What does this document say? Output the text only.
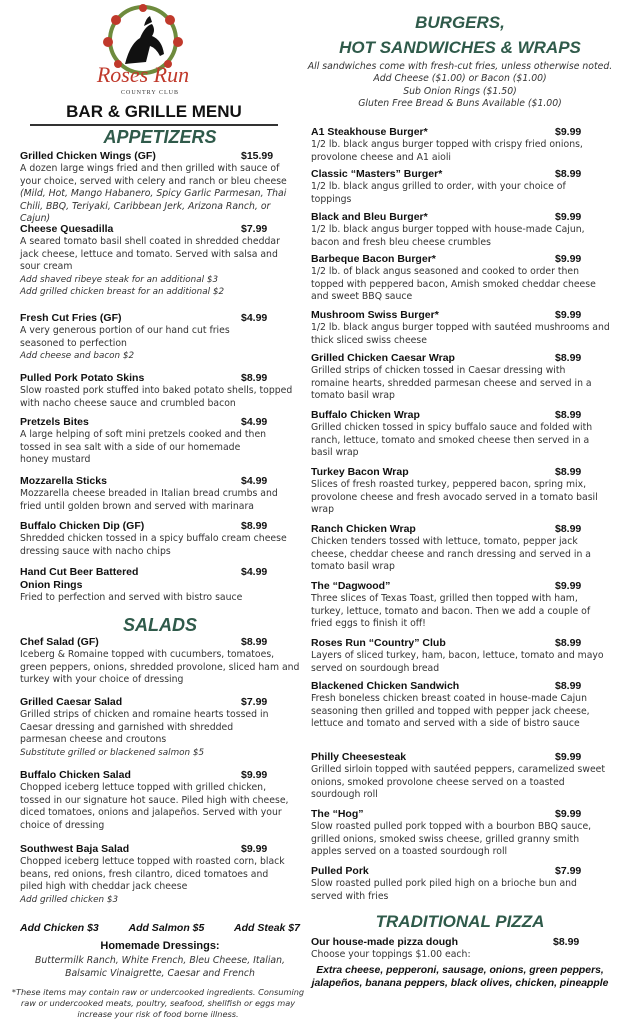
Roses Run
COUNTRY CLUB
BAR & GRILLE MENU
APPETIZERS
Grilled Chicken Wings (GF)	$15.99
A dozen large wings fried and then grilled with sauce of your choice, served with celery and ranch or bleu cheese
(Mild, Hot, Mango Habanero, Spicy Garlic Parmesan, Thai Chili, BBQ, Teriyaki, Caribbean Jerk, Arizona Ranch, or Cajun)
Cheese Quesadilla	$7.99
A seared tomato basil shell coated in shredded cheddar jack cheese, lettuce and tomato. Served with salsa and sour cream
Add shaved ribeye steak for an additional $3
Add grilled chicken breast for an additional $2
Fresh Cut Fries (GF)	$4.99
A very generous portion of our hand cut fries seasoned to perfection
Add cheese and bacon $2
Pulled Pork Potato Skins	$8.99
Slow roasted pork stuffed into baked potato shells, topped with nacho cheese sauce and crumbled bacon
Pretzels Bites	$4.99
A large helping of soft mini pretzels cooked and then tossed in sea salt with a side of our homemade honey mustard
Mozzarella Sticks	$4.99
Mozzarella cheese breaded in Italian bread crumbs and fried until golden brown and served with marinara
Buffalo Chicken Dip (GF)	$8.99
Shredded chicken tossed in a spicy buffalo cream cheese dressing sauce with nacho chips
Hand Cut Beer Battered Onion Rings
$4.99
Fried to perfection and served with bistro sauce
SALADS
Chef Salad (GF)	$8.99
Iceberg & Romaine topped with cucumbers, tomatoes, green peppers, onions, shredded provolone, sliced ham and turkey with your choice of dressing
Grilled Caesar Salad	$7.99
Grilled strips of chicken and romaine hearts tossed in Caesar dressing and garnished with shredded parmesan cheese and croutons
Substitute grilled or blackened salmon $5
Buffalo Chicken Salad	$9.99
Chopped iceberg lettuce topped with grilled chicken, tossed in our signature hot sauce. Piled high with cheese, diced tomatoes, onions and jalapeños. Served with your choice of dressing
Southwest Baja Salad	$9.99
Chopped iceberg lettuce topped with roasted corn, black beans, red onions, fresh cilantro, diced tomatoes and piled high with cheddar jack cheese
Add grilled chicken $3
Add Chicken $3	Add Salmon $5	Add Steak $7
Homemade Dressings:
Buttermilk Ranch, White French, Bleu Cheese, Italian, Balsamic Vinaigrette, Caesar and French
*These items may contain raw or undercooked ingredients. Consuming raw or undercooked meats, poultry, seafood, shellfish or eggs may increase your risk of food borne illness.
BURGERS,
HOT SANDWICHES & WRAPS
All sandwiches come with fresh-cut fries, unless otherwise noted.
Add Cheese ($1.00) or Bacon ($1.00)
Sub Onion Rings ($1.50)
Gluten Free Bread & Buns Available ($1.00)
A1 Steakhouse Burger*	$9.99
1/2 lb. black angus burger topped with crispy fried onions, provolone cheese and A1 aioli
Classic “Masters” Burger*	$8.99
1/2 lb. black angus grilled to order, with your choice of toppings
Black and Bleu Burger*	$9.99
1/2 lb. black angus burger topped with house-made Cajun, bacon and fresh bleu cheese crumbles
Barbeque Bacon Burger*	$9.99
1/2 lb. of black angus seasoned and cooked to order then topped with peppered bacon, Amish smoked cheddar cheese and sweet BBQ sauce
Mushroom Swiss Burger*	$9.99
1/2 lb. black angus burger topped with sautéed mushrooms and thick sliced swiss cheese
Grilled Chicken Caesar Wrap	$8.99
Grilled strips of chicken tossed in Caesar dressing with romaine hearts, shredded parmesan cheese and served in a tomato basil wrap
Buffalo Chicken Wrap	$8.99
Grilled chicken tossed in spicy buffalo sauce and folded with ranch, lettuce, tomato and smoked cheese then served in a basil wrap
Turkey Bacon Wrap	$8.99
Slices of fresh roasted turkey, peppered bacon, spring mix, provolone cheese and fresh avocado served in a tomato basil wrap
Ranch Chicken Wrap	$8.99
Chicken tenders tossed with lettuce, tomato, pepper jack cheese, cheddar cheese and ranch dressing and served in a tomato basil wrap
The “Dagwood”	$9.99
Three slices of Texas Toast, grilled then topped with ham, turkey, lettuce, tomato and bacon. Then we add a couple of fried eggs to finish it off!
Roses Run “Country” Club	$8.99
Layers of sliced turkey, ham, bacon, lettuce, tomato and mayo served on sourdough bread
Blackened Chicken Sandwich	$8.99
Fresh boneless chicken breast coated in house-made Cajun seasoning then grilled and topped with pepper jack cheese, lettuce and tomato and served with a side of bistro sauce
Philly Cheesesteak	$9.99
Grilled sirloin topped with sautéed peppers, caramelized sweet onions, smoked provolone cheese served on a toasted sourdough roll
The “Hog”	$9.99
Slow roasted pulled pork topped with a bourbon BBQ sauce, grilled onions, smoked swiss cheese, grilled granny smith apples served on a toasted sourdough roll
Pulled Pork	$7.99
Slow roasted pulled pork piled high on a brioche bun and served with fries
TRADITIONAL PIZZA
Our house-made pizza dough	$8.99
Choose your toppings $1.00 each:
Extra cheese, pepperoni, sausage, onions, green peppers, jalapeños, banana peppers, black olives, chicken, pineapple
